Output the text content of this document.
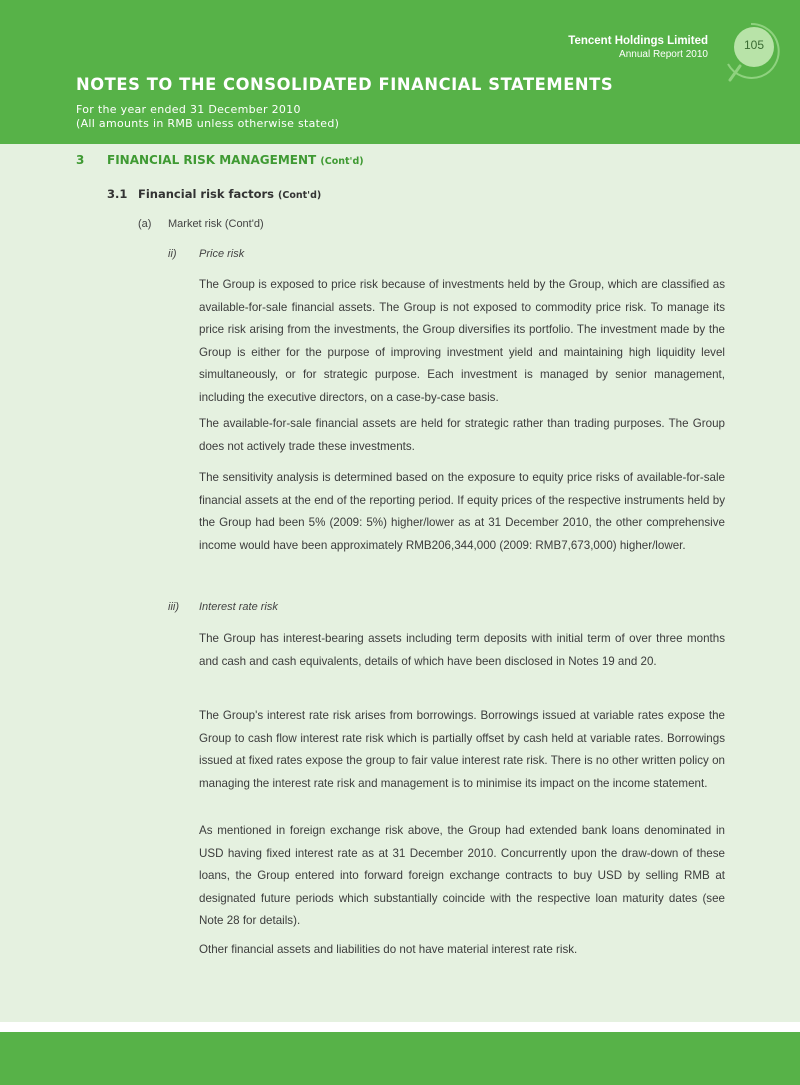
105
Tencent Holdings Limited
Annual Report 2010
NOTES TO THE CONSOLIDATED FINANCIAL STATEMENTS
For the year ended 31 December 2010
(All amounts in RMB unless otherwise stated)
3 FINANCIAL RISK MANAGEMENT (Cont'd)
3.1 Financial risk factors (Cont'd)
(a) Market risk (Cont'd)
ii) Price risk
The Group is exposed to price risk because of investments held by the Group, which are classified as available-for-sale financial assets. The Group is not exposed to commodity price risk. To manage its price risk arising from the investments, the Group diversifies its portfolio. The investment made by the Group is either for the purpose of improving investment yield and maintaining high liquidity level simultaneously, or for strategic purpose. Each investment is managed by senior management, including the executive directors, on a case-by-case basis.
The available-for-sale financial assets are held for strategic rather than trading purposes. The Group does not actively trade these investments.
The sensitivity analysis is determined based on the exposure to equity price risks of available-for-sale financial assets at the end of the reporting period. If equity prices of the respective instruments held by the Group had been 5% (2009: 5%) higher/lower as at 31 December 2010, the other comprehensive income would have been approximately RMB206,344,000 (2009: RMB7,673,000) higher/lower.
iii) Interest rate risk
The Group has interest-bearing assets including term deposits with initial term of over three months and cash and cash equivalents, details of which have been disclosed in Notes 19 and 20.
The Group's interest rate risk arises from borrowings. Borrowings issued at variable rates expose the Group to cash flow interest rate risk which is partially offset by cash held at variable rates. Borrowings issued at fixed rates expose the group to fair value interest rate risk. There is no other written policy on managing the interest rate risk and management is to minimise its impact on the income statement.
As mentioned in foreign exchange risk above, the Group had extended bank loans denominated in USD having fixed interest rate as at 31 December 2010. Concurrently upon the draw-down of these loans, the Group entered into forward foreign exchange contracts to buy USD by selling RMB at designated future periods which substantially coincide with the respective loan maturity dates (see Note 28 for details).
Other financial assets and liabilities do not have material interest rate risk.
